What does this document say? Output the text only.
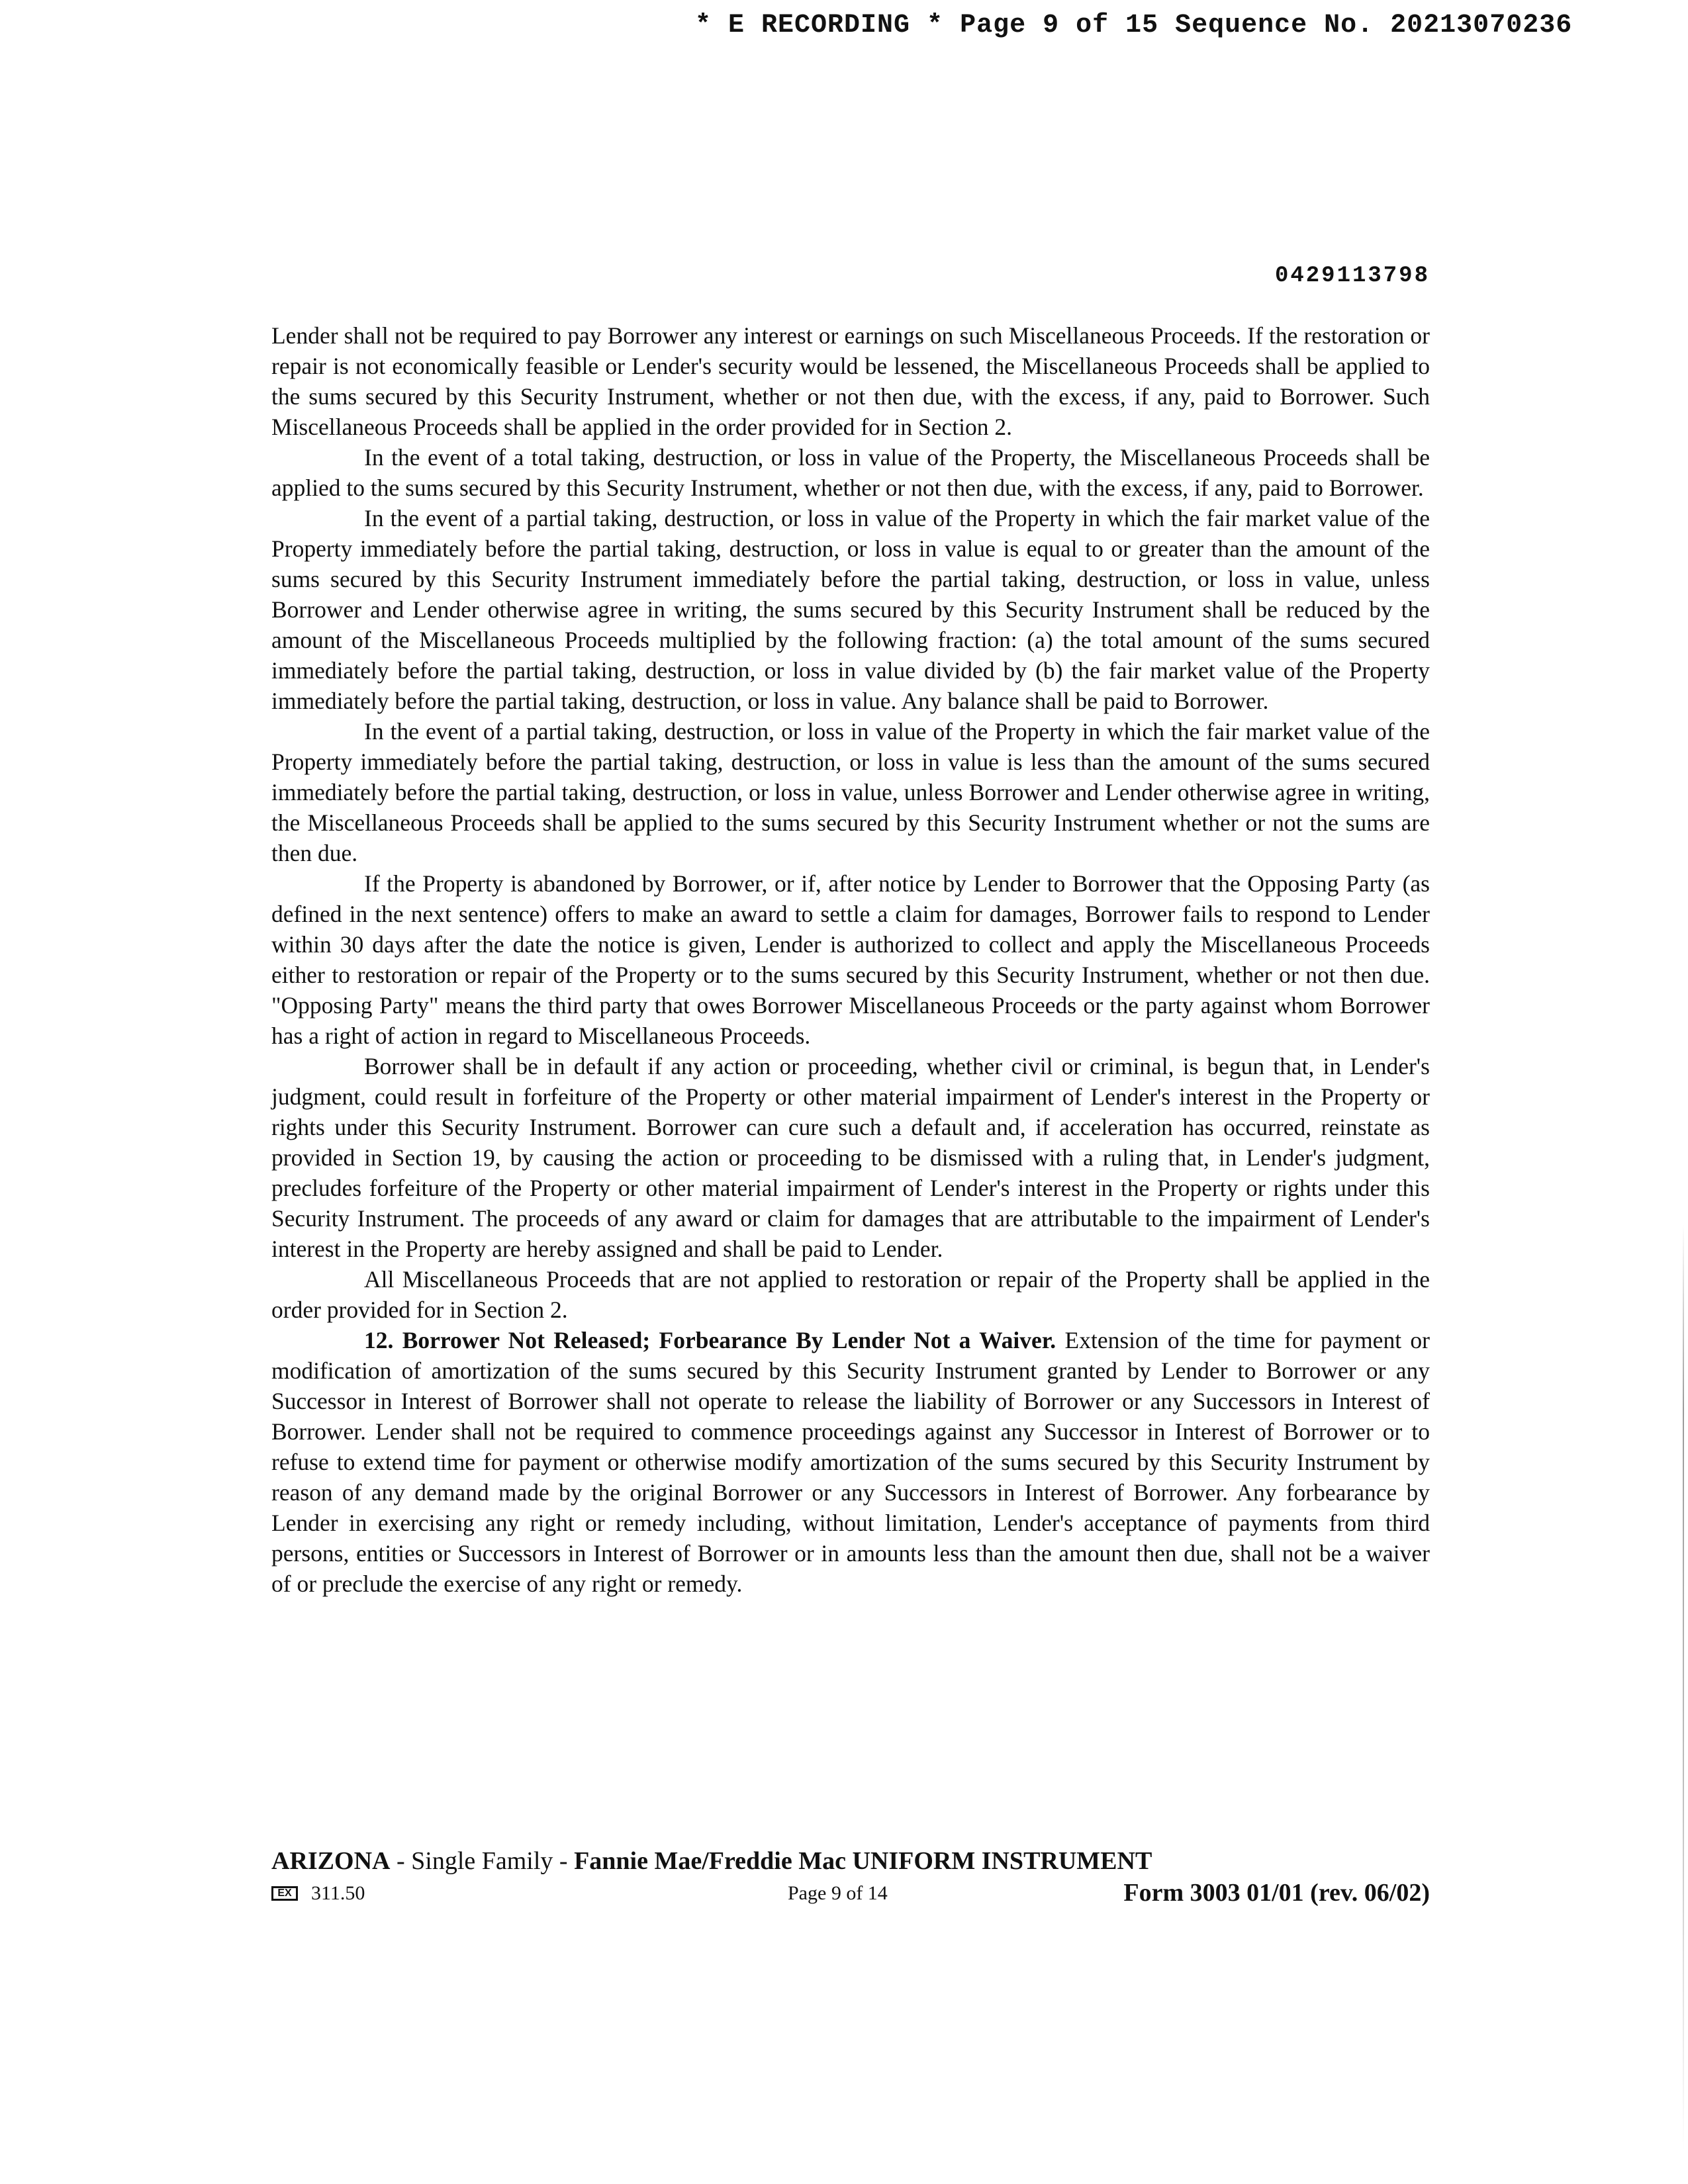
* E RECORDING * Page 9 of 15 Sequence No. 20213070236
0429113798

Lender shall not be required to pay Borrower any interest or earnings on such Miscellaneous Proceeds. If the restoration or repair is not economically feasible or Lender's security would be lessened, the Miscellaneous Proceeds shall be applied to the sums secured by this Security Instrument, whether or not then due, with the excess, if any, paid to Borrower. Such Miscellaneous Proceeds shall be applied in the order provided for in Section 2.

In the event of a total taking, destruction, or loss in value of the Property, the Miscellaneous Proceeds shall be applied to the sums secured by this Security Instrument, whether or not then due, with the excess, if any, paid to Borrower.

In the event of a partial taking, destruction, or loss in value of the Property in which the fair market value of the Property immediately before the partial taking, destruction, or loss in value is equal to or greater than the amount of the sums secured by this Security Instrument immediately before the partial taking, destruction, or loss in value, unless Borrower and Lender otherwise agree in writing, the sums secured by this Security Instrument shall be reduced by the amount of the Miscellaneous Proceeds multiplied by the following fraction: (a) the total amount of the sums secured immediately before the partial taking, destruction, or loss in value divided by (b) the fair market value of the Property immediately before the partial taking, destruction, or loss in value. Any balance shall be paid to Borrower.

In the event of a partial taking, destruction, or loss in value of the Property in which the fair market value of the Property immediately before the partial taking, destruction, or loss in value is less than the amount of the sums secured immediately before the partial taking, destruction, or loss in value, unless Borrower and Lender otherwise agree in writing, the Miscellaneous Proceeds shall be applied to the sums secured by this Security Instrument whether or not the sums are then due.

If the Property is abandoned by Borrower, or if, after notice by Lender to Borrower that the Opposing Party (as defined in the next sentence) offers to make an award to settle a claim for damages, Borrower fails to respond to Lender within 30 days after the date the notice is given, Lender is authorized to collect and apply the Miscellaneous Proceeds either to restoration or repair of the Property or to the sums secured by this Security Instrument, whether or not then due. "Opposing Party" means the third party that owes Borrower Miscellaneous Proceeds or the party against whom Borrower has a right of action in regard to Miscellaneous Proceeds.

Borrower shall be in default if any action or proceeding, whether civil or criminal, is begun that, in Lender's judgment, could result in forfeiture of the Property or other material impairment of Lender's interest in the Property or rights under this Security Instrument. Borrower can cure such a default and, if acceleration has occurred, reinstate as provided in Section 19, by causing the action or proceeding to be dismissed with a ruling that, in Lender's judgment, precludes forfeiture of the Property or other material impairment of Lender's interest in the Property or rights under this Security Instrument. The proceeds of any award or claim for damages that are attributable to the impairment of Lender's interest in the Property are hereby assigned and shall be paid to Lender.

All Miscellaneous Proceeds that are not applied to restoration or repair of the Property shall be applied in the order provided for in Section 2.

12. Borrower Not Released; Forbearance By Lender Not a Waiver. Extension of the time for payment or modification of amortization of the sums secured by this Security Instrument granted by Lender to Borrower or any Successor in Interest of Borrower shall not operate to release the liability of Borrower or any Successors in Interest of Borrower. Lender shall not be required to commence proceedings against any Successor in Interest of Borrower or to refuse to extend time for payment or otherwise modify amortization of the sums secured by this Security Instrument by reason of any demand made by the original Borrower or any Successors in Interest of Borrower. Any forbearance by Lender in exercising any right or remedy including, without limitation, Lender's acceptance of payments from third persons, entities or Successors in Interest of Borrower or in amounts less than the amount then due, shall not be a waiver of or preclude the exercise of any right or remedy.

ARIZONA - Single Family - Fannie Mae/Freddie Mac UNIFORM INSTRUMENT
EX 311.50	Page 9 of 14	Form 3003 01/01 (rev. 06/02)
